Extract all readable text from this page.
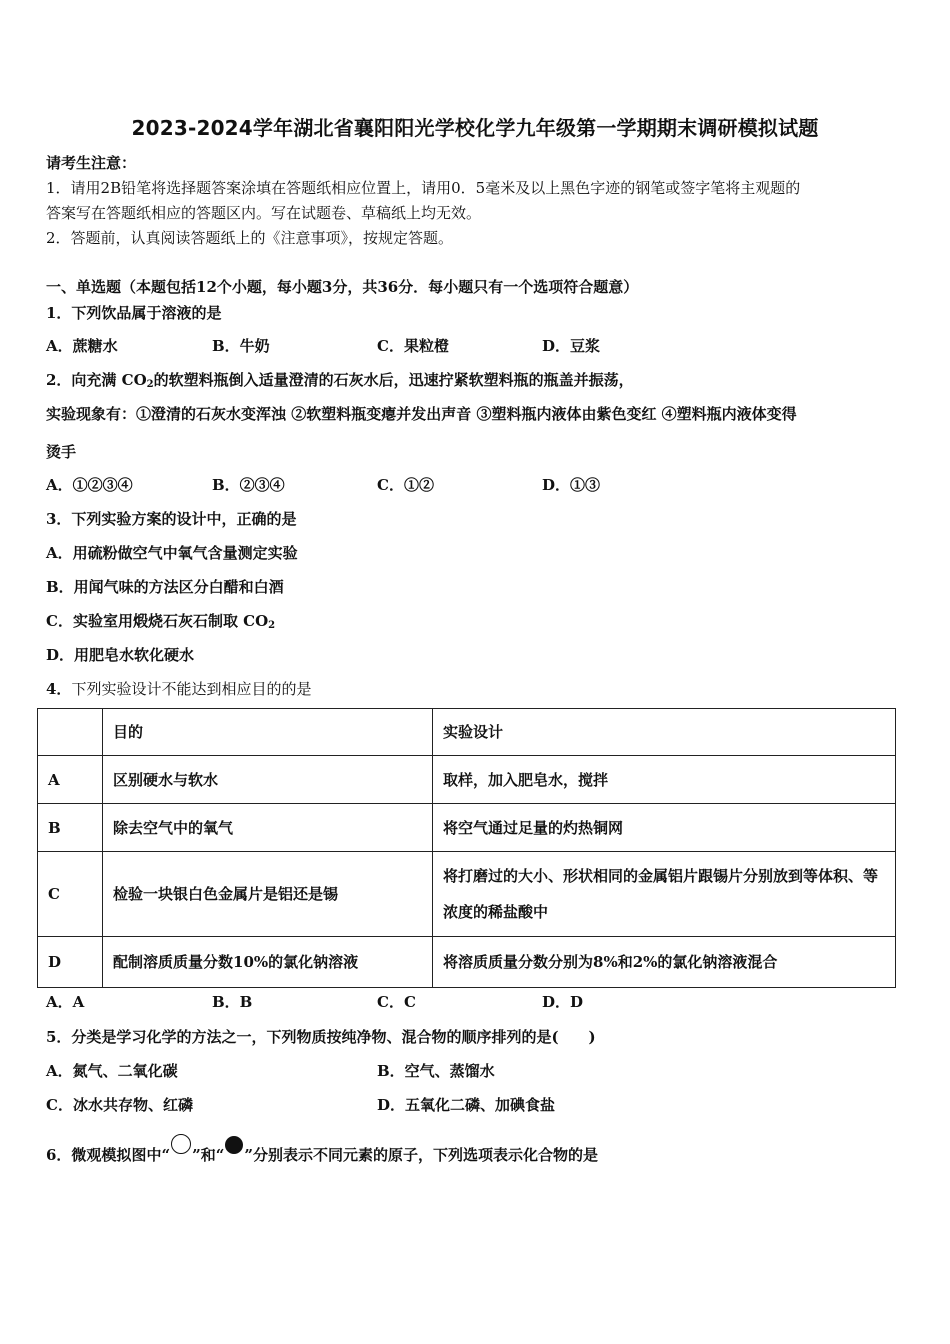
2023-2024学年湖北省襄阳阳光学校化学九年级第一学期期末调研模拟试题
请考生注意：
1．请用2B铅笔将选择题答案涂填在答题纸相应位置上，请用0．5毫米及以上黑色字迹的钢笔或签字笔将主观题的
答案写在答题纸相应的答题区内。写在试题卷、草稿纸上均无效。
2．答题前，认真阅读答题纸上的《注意事项》，按规定答题。
一、单选题（本题包括12个小题，每小题3分，共36分．每小题只有一个选项符合题意）
1．下列饮品属于溶液的是
A．蔗糖水	B．牛奶	C．果粒橙	D．豆浆
2．向充满 $CO_2$的软塑料瓶倒入适量澄清的石灰水后，迅速拧紧软塑料瓶的瓶盖并振荡，
实验现象有：①澄清的石灰水变浑浊 ②软塑料瓶变瘪并发出声音 ③塑料瓶内液体由紫色变红 ④塑料瓶内液体变得
烫手
A．①②③④	B．②③④	C．①②	D．①③
3．下列实验方案的设计中，正确的是
A．用硫粉做空气中氧气含量测定实验
B．用闻气味的方法区分白醋和白酒
C．实验室用煅烧石灰石制取 $CO_2$
D．用肥皂水软化硬水
4．下列实验设计不能达到相应目的的是
	目的	实验设计
A	区别硬水与软水	取样，加入肥皂水，搅拌
B	除去空气中的氧气	将空气通过足量的灼热铜网
C	检验一块银白色金属片是铝还是锡	将打磨过的大小、形状相同的金属铝片跟锡片分别放到等体积、等浓度的稀盐酸中
D	配制溶质质量分数10%的氯化钠溶液	将溶质质量分数分别为8%和2%的氯化钠溶液混合
A．A	B．B	C．C	D．D
5．分类是学习化学的方法之一，下列物质按纯净物、混合物的顺序排列的是(　　)
A．氮气、二氧化碳	B．空气、蒸馏水
C．冰水共存物、红磷	D．五氧化二磷、加碘食盐
6．微观模拟图中“ ”和“ ”分别表示不同元素的原子，下列选项表示化合物的是
